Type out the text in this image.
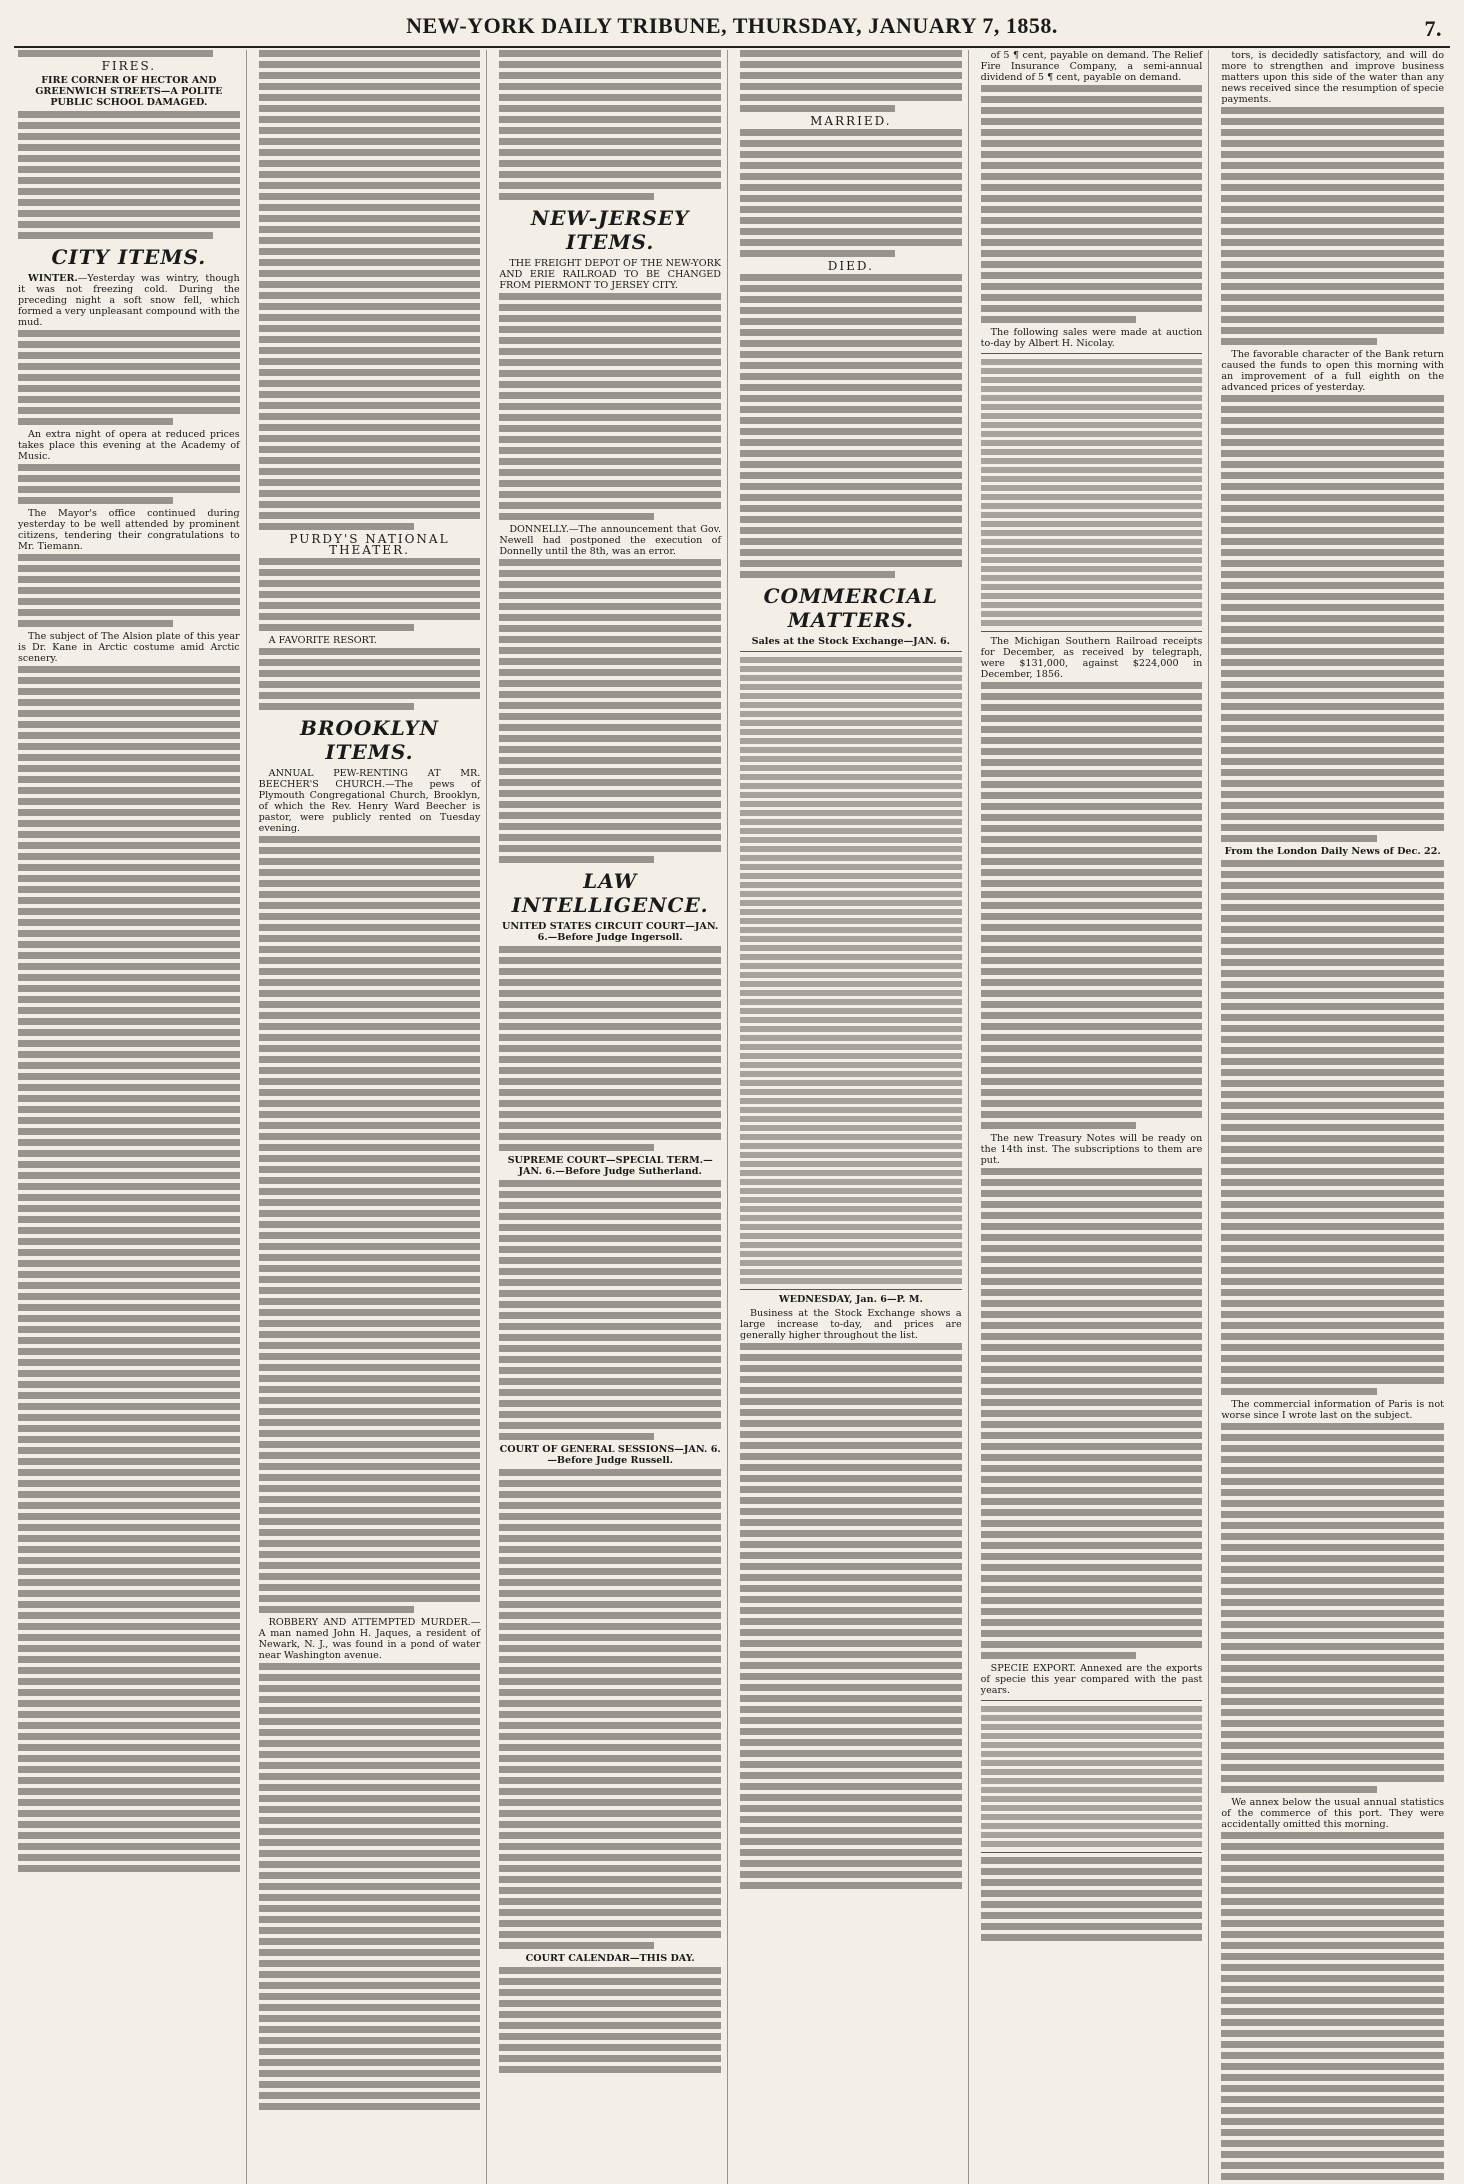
NEW-YORK DAILY TRIBUNE, THURSDAY, JANUARY 7, 1858.	7.
FIRES.
FIRE CORNER OF HECTOR AND GREENWICH STREETS—A POLITE PUBLIC SCHOOL DAMAGED.
CITY ITEMS.

WINTER.—Yesterday was wintry, though it was not freezing cold. During the preceding night a soft snow fell, which formed a very unpleasant compound with the mud.

An extra night of opera at reduced prices takes place this evening at the Academy of Music.

The Mayor's office continued during yesterday to be well attended by prominent citizens, tendering their congratulations to Mr. Tiemann.

The subject of The Alsion plate of this year is Dr. Kane in Arctic costume amid Arctic scenery.

PURDY'S NATIONAL THEATER.

A FAVORITE RESORT.

BROOKLYN ITEMS.

ANNUAL PEW-RENTING AT MR. BEECHER'S CHURCH.—The pews of Plymouth Congregational Church, Brooklyn, of which the Rev. Henry Ward Beecher is pastor, were publicly rented on Tuesday evening.

ROBBERY AND ATTEMPTED MURDER.—A man named John H. Jaques, a resident of Newark, N. J., was found in a pond of water near Washington avenue.

NEW-JERSEY ITEMS.

THE FREIGHT DEPOT OF THE NEW-YORK AND ERIE RAILROAD TO BE CHANGED FROM PIERMONT TO JERSEY CITY.

DONNELLY.—The announcement that Gov. Newell had postponed the execution of Donnelly until the 8th, was an error.

LAW INTELLIGENCE.
UNITED STATES CIRCUIT COURT—JAN. 6.—Before Judge Ingersoll.
SUPREME COURT—SPECIAL TERM.—JAN. 6.—Before Judge Sutherland.
COURT OF GENERAL SESSIONS—JAN. 6.—Before Judge Russell.
COURT CALENDAR—THIS DAY.
MARRIED.
DIED.
COMMERCIAL MATTERS.
Sales at the Stock Exchange—JAN. 6.
WEDNESDAY, Jan. 6—P. M.

Business at the Stock Exchange shows a large increase to-day, and prices are generally higher throughout the list.

of 5 ¶ cent, payable on demand. The Relief Fire Insurance Company, a semi-annual dividend of 5 ¶ cent, payable on demand.

The following sales were made at auction to-day by Albert H. Nicolay.

The Michigan Southern Railroad receipts for December, as received by telegraph, were $131,000, against $224,000 in December, 1856.

The new Treasury Notes will be ready on the 14th inst. The subscriptions to them are put.

SPECIE EXPORT. Annexed are the exports of specie this year compared with the past years.

tors, is decidedly satisfactory, and will do more to strengthen and improve business matters upon this side of the water than any news received since the resumption of specie payments.

The favorable character of the Bank return caused the funds to open this morning with an improvement of a full eighth on the advanced prices of yesterday.

From the London Daily News of Dec. 22.

The commercial information of Paris is not worse since I wrote last on the subject.

We annex below the usual annual statistics of the commerce of this port. They were accidentally omitted this morning.
